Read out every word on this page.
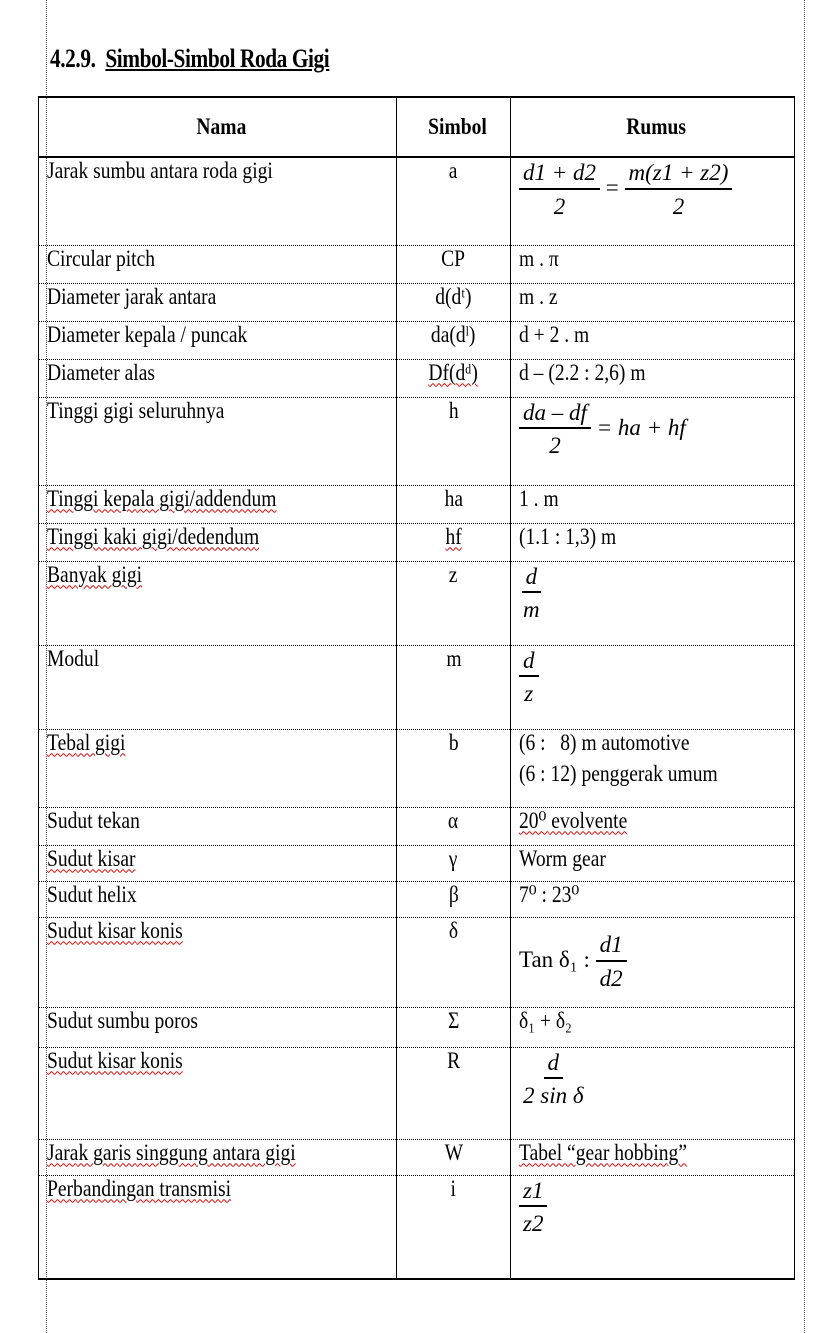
4.2.9. Simbol-Simbol Roda Gigi
Nama	Simbol	Rumus
Jarak sumbu antara roda gigi	a	$\frac{d1 + d2}{2} = \frac{m(z1 + z2)}{2}$

Circular pitch	CP	m . π
Diameter jarak antara	d(dᵗ)	m . z
Diameter kepala / puncak	da(dˡ)	d + 2 . m
Diameter alas	Df(dᵈ)	d – (2.2 : 2,6) m
Tinggi gigi seluruhnya	h	$\frac{da - df}{2}$ = ha + hf
Tinggi kepala gigi/addendum	ha	1 . m
Tinggi kaki gigi/dedendum	hf	(1.1 : 1,3) m
Banyak gigi	z	$\frac{d}{m}$

Modul	m	$\frac{d}{z}$

Tebal gigi	b	(6 :   8) m automotive
(6 : 12) penggerak umum

Sudut tekan	α	20⁰ evolvente
Sudut kisar	γ	Worm gear
Sudut helix	β	7⁰ : 23⁰
Sudut kisar konis	δ	Tan δ₁ : $\frac{d1}{d2}$

Sudut sumbu poros	Σ	δ₁ + δ₂
Sudut kisar konis	R	$\frac{d}{\text{2 sin δ}}$

Jarak garis singgung antara gigi	W	Tabel “gear hobbing”
Perbandingan transmisi	i	$\frac{z1}{z2}$
